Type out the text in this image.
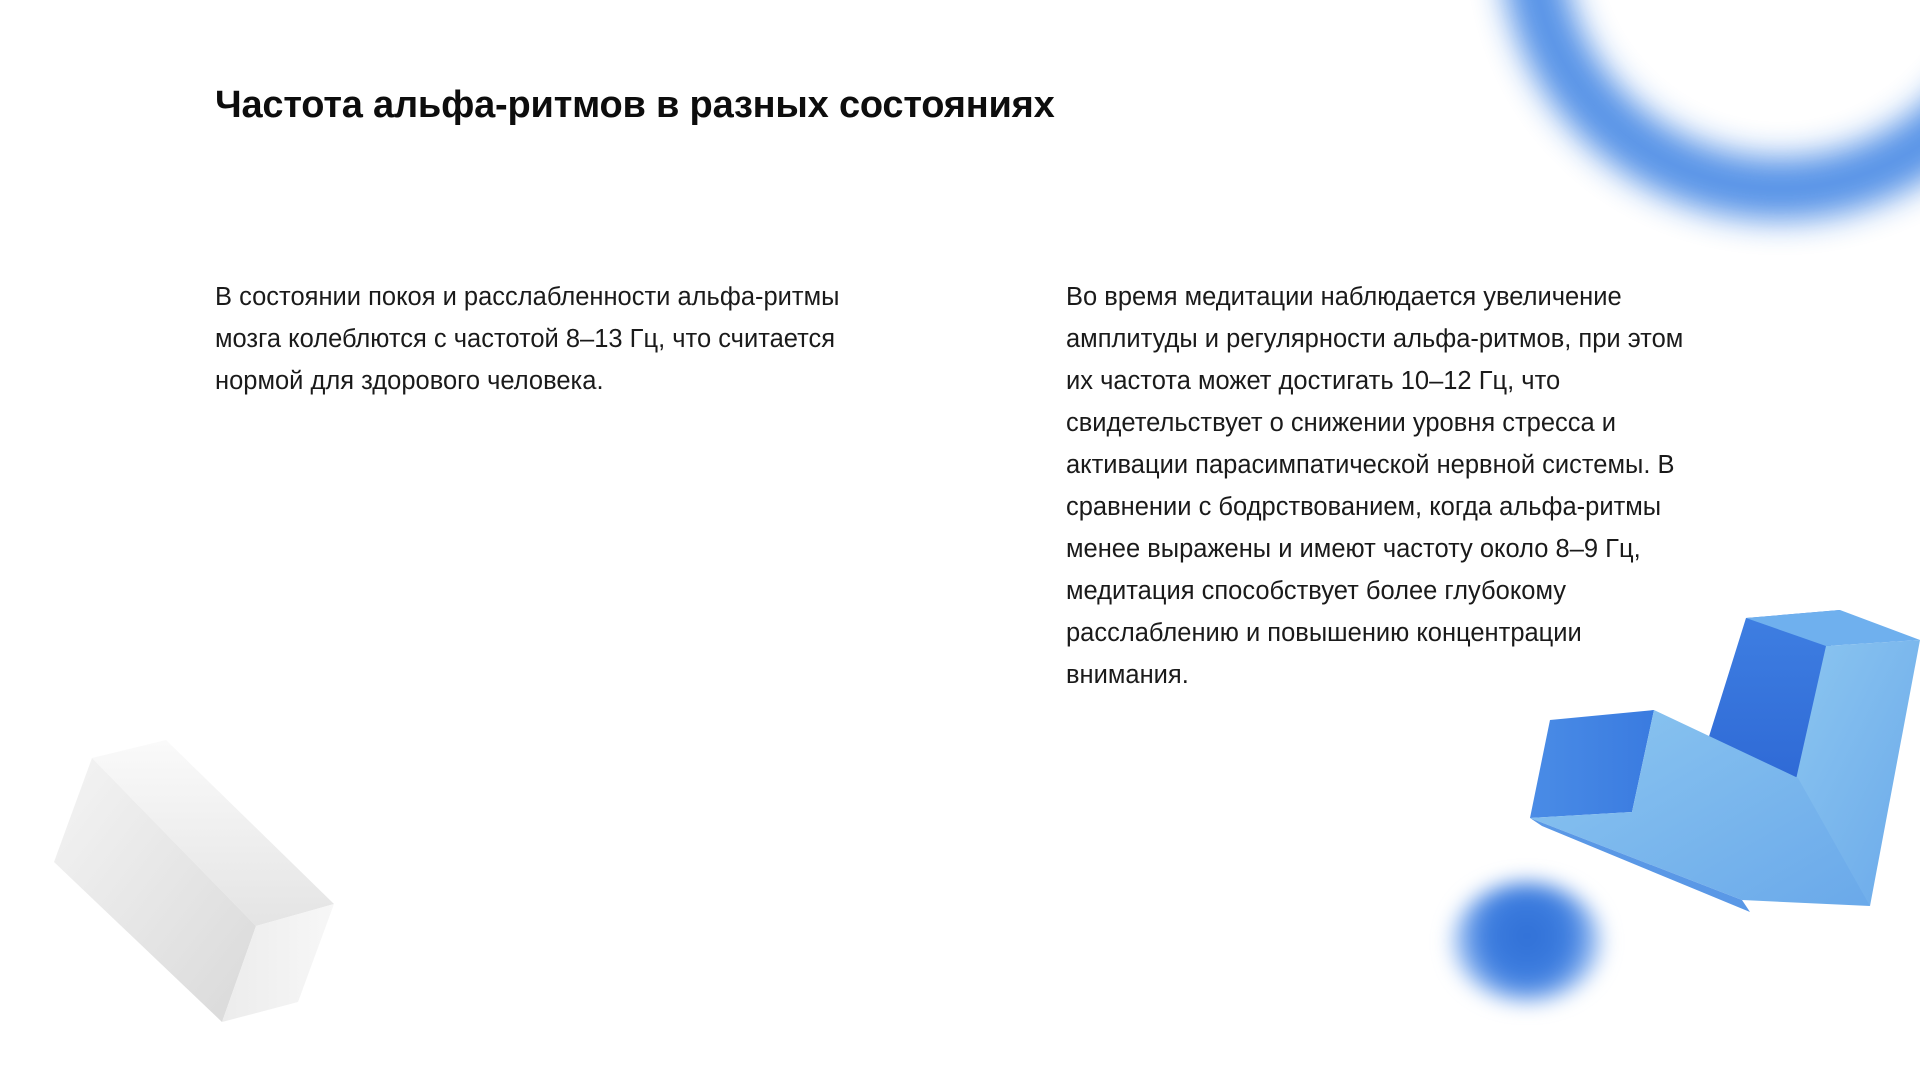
Частота альфа-ритмов в разных состояниях

В состоянии покоя и расслабленности альфа-ритмы мозга колеблются с частотой 8–13 Гц, что считается нормой для здорового человека.

Во время медитации наблюдается увеличение амплитуды и регулярности альфа-ритмов, при этом их частота может достигать 10–12 Гц, что свидетельствует о снижении уровня стресса и активации парасимпатической нервной системы. В сравнении с бодрствованием, когда альфа-ритмы менее выражены и имеют частоту около 8–9 Гц, медитация способствует более глубокому расслаблению и повышению концентрации внимания.
